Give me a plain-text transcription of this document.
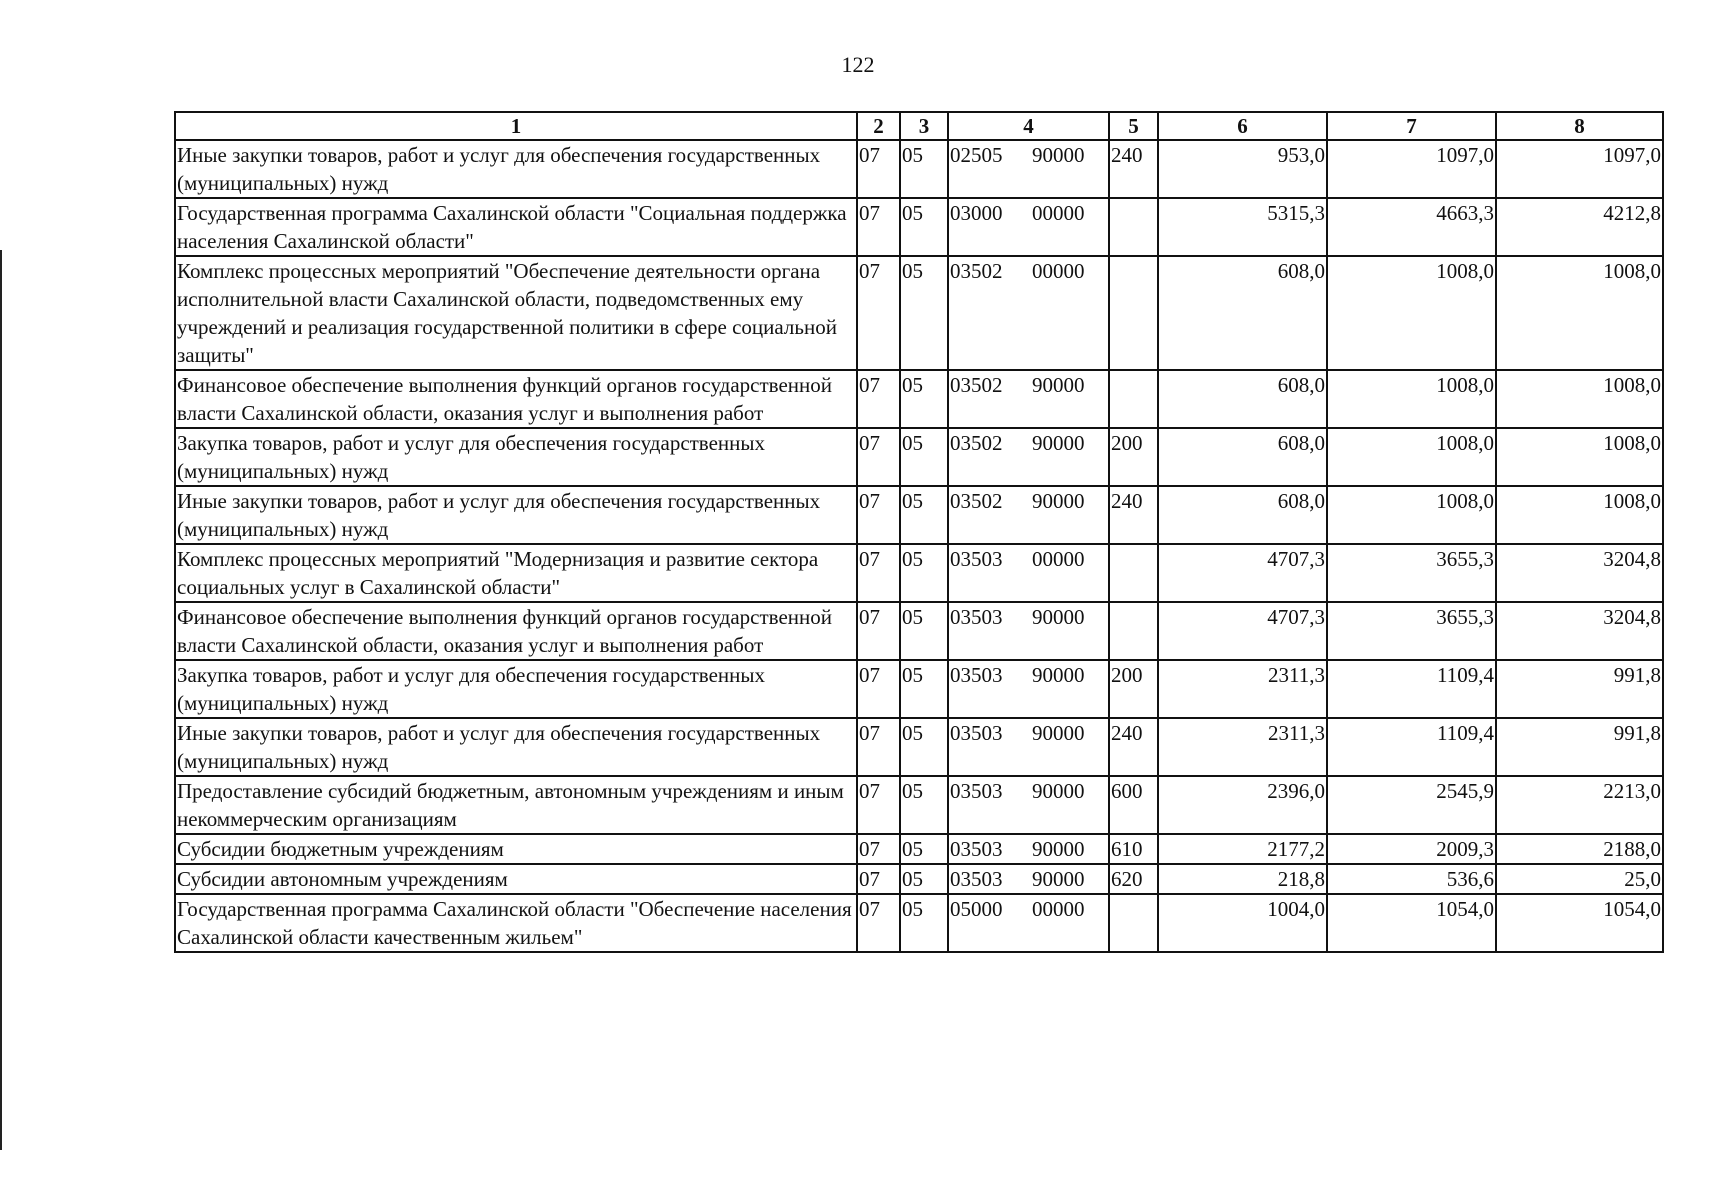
122
1	2	3	4	5	6	7	8
Иные закупки товаров, работ и услуг для обеспечения государственных (муниципальных) нужд	07	05	02505 90000	240	953,0	1097,0	1097,0
Государственная программа Сахалинской области "Социальная поддержка населения Сахалинской области"	07	05	03000 00000		5315,3	4663,3	4212,8
Комплекс процессных мероприятий "Обеспечение деятельности органа исполнительной власти Сахалинской области, подведомственных ему учреждений и реализация государственной политики в сфере социальной защиты"	07	05	03502 00000		608,0	1008,0	1008,0
Финансовое обеспечение выполнения функций органов государственной власти Сахалинской области, оказания услуг и выполнения работ	07	05	03502 90000		608,0	1008,0	1008,0
Закупка товаров, работ и услуг для обеспечения государственных (муниципальных) нужд	07	05	03502 90000	200	608,0	1008,0	1008,0
Иные закупки товаров, работ и услуг для обеспечения государственных (муниципальных) нужд	07	05	03502 90000	240	608,0	1008,0	1008,0
Комплекс процессных мероприятий "Модернизация и развитие сектора социальных услуг в Сахалинской области"	07	05	03503 00000		4707,3	3655,3	3204,8
Финансовое обеспечение выполнения функций органов государственной власти Сахалинской области, оказания услуг и выполнения работ	07	05	03503 90000		4707,3	3655,3	3204,8
Закупка товаров, работ и услуг для обеспечения государственных (муниципальных) нужд	07	05	03503 90000	200	2311,3	1109,4	991,8
Иные закупки товаров, работ и услуг для обеспечения государственных (муниципальных) нужд	07	05	03503 90000	240	2311,3	1109,4	991,8
Предоставление субсидий бюджетным, автономным учреждениям и иным некоммерческим организациям	07	05	03503 90000	600	2396,0	2545,9	2213,0
Субсидии бюджетным учреждениям	07	05	03503 90000	610	2177,2	2009,3	2188,0
Субсидии автономным учреждениям	07	05	03503 90000	620	218,8	536,6	25,0
Государственная программа Сахалинской области "Обеспечение населения Сахалинской области качественным жильем"	07	05	05000 00000		1004,0	1054,0	1054,0
